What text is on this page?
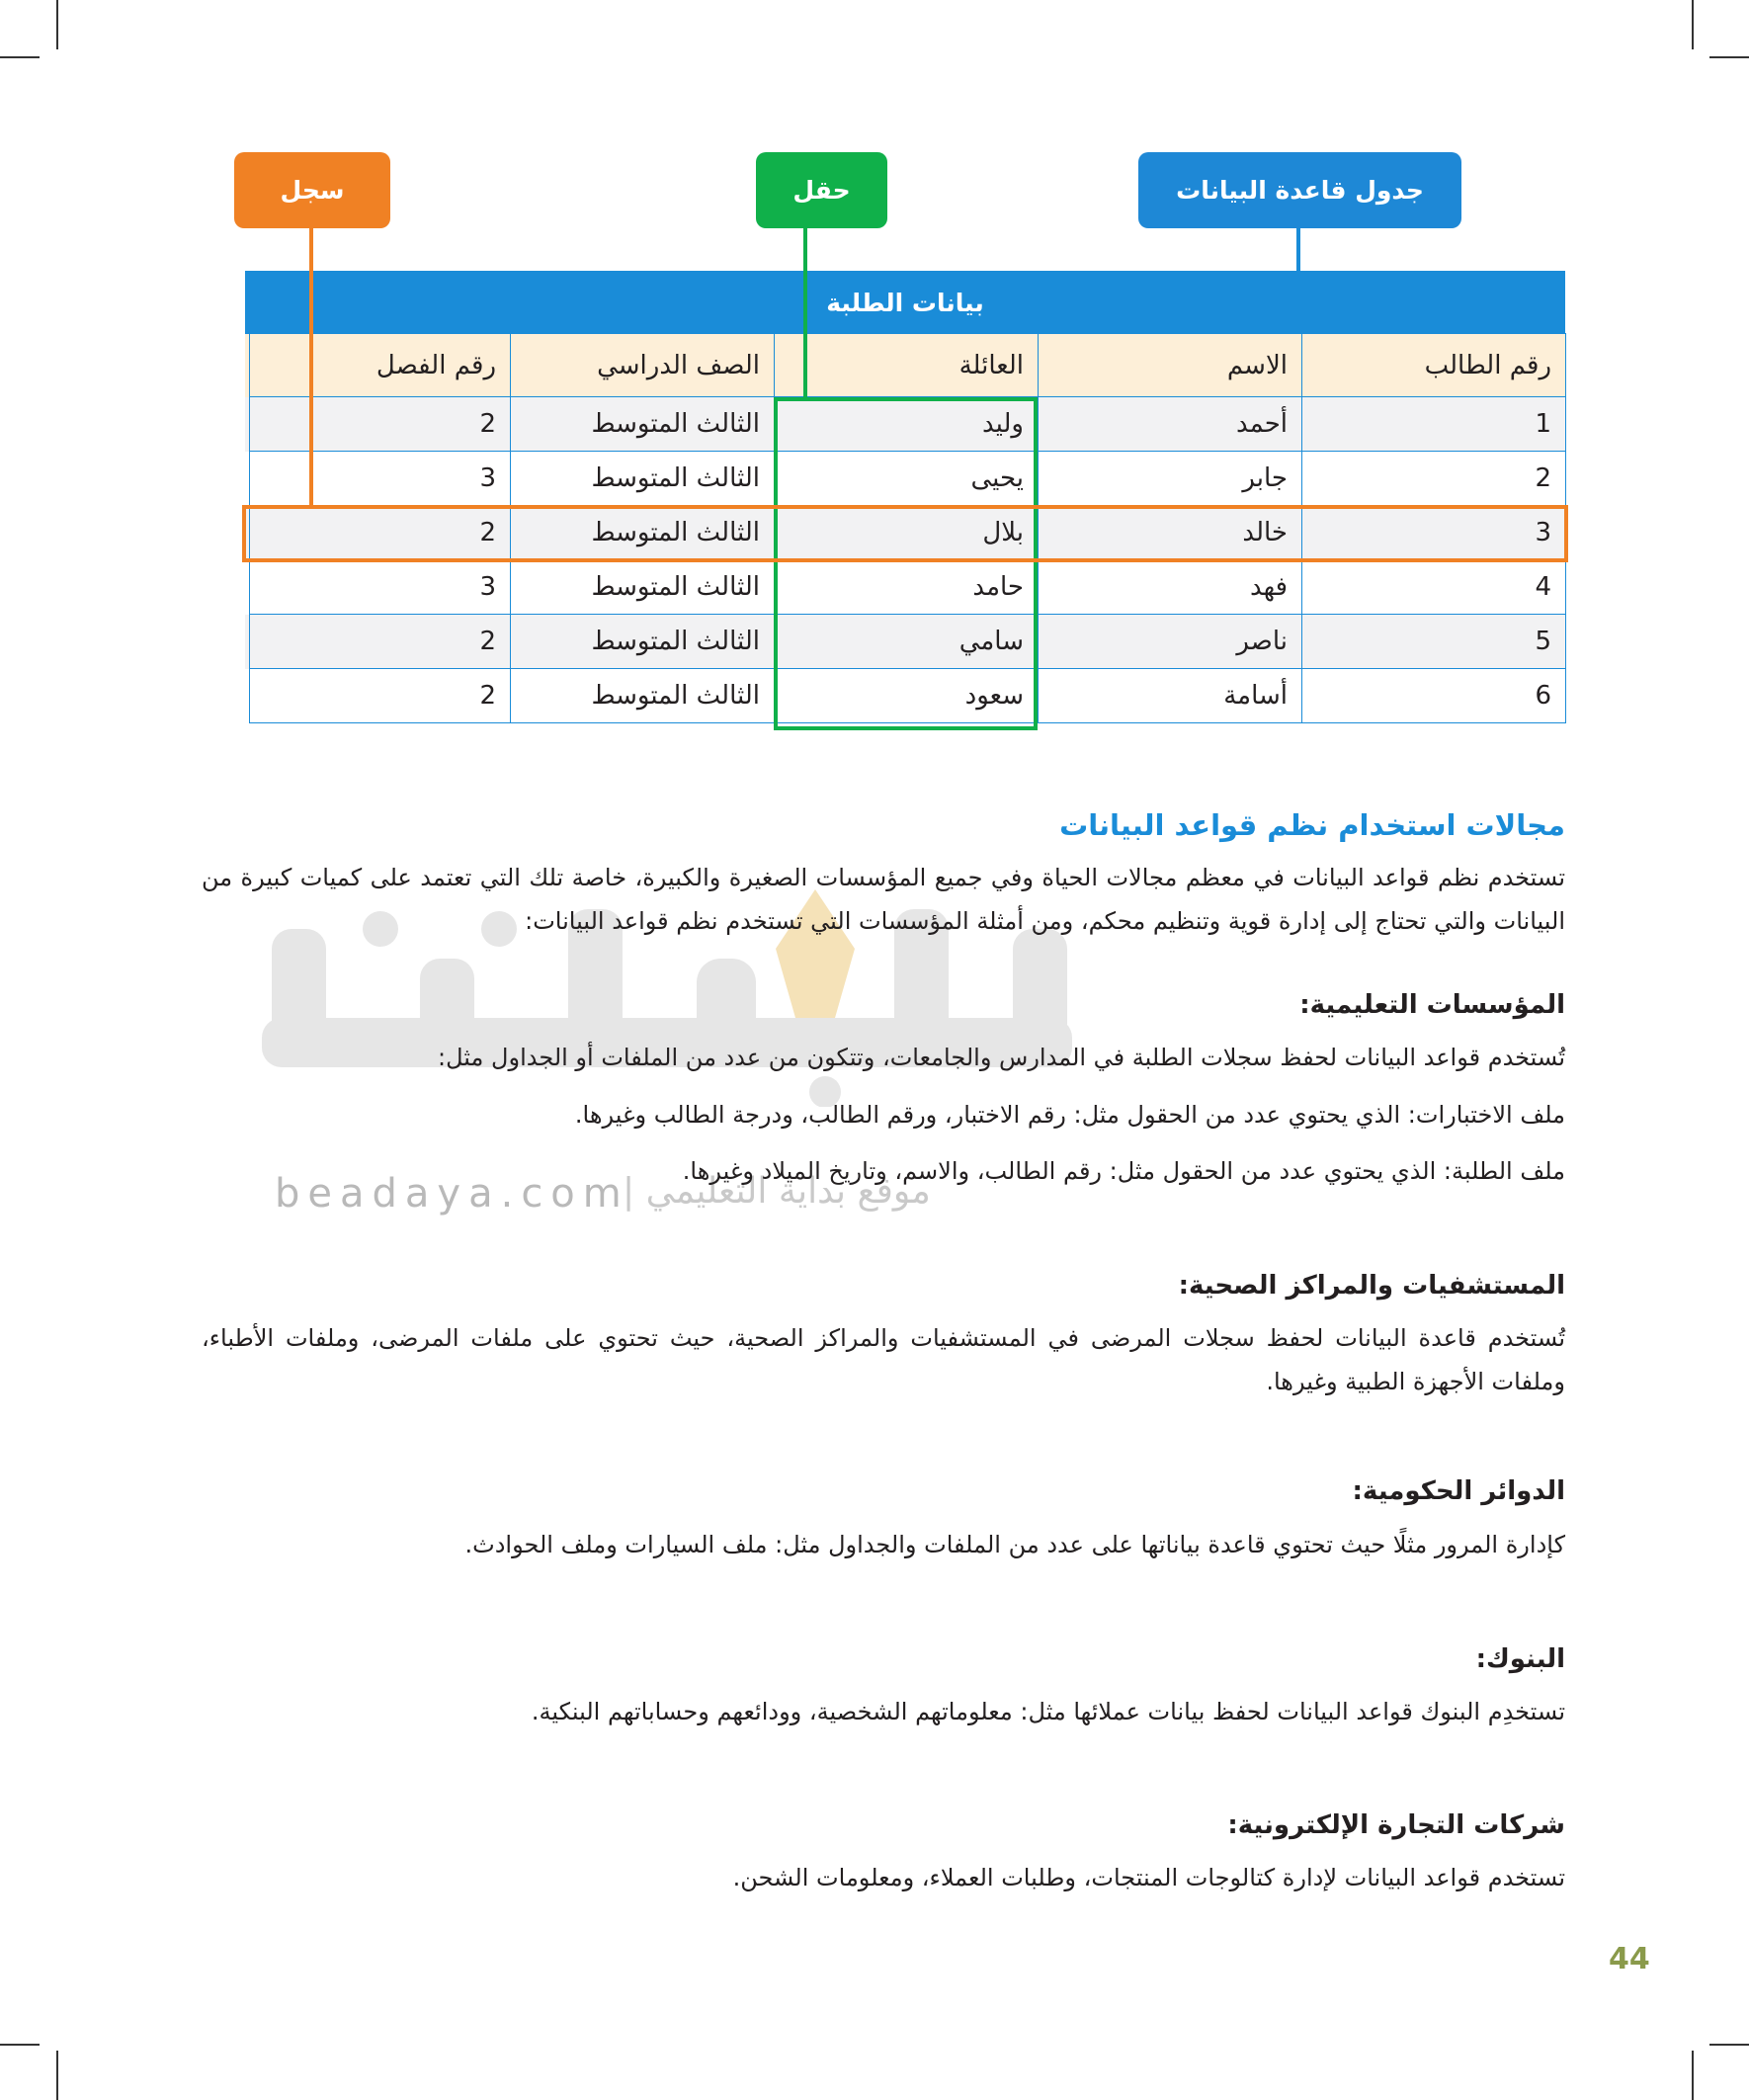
beadaya.com
موقع بداية التعليمي |
جدول قاعدة البيانات
حقل
سجل
بيانات الطلبة
رقم الطالب
الاسم
العائلة
الصف الدراسي
رقم الفصل
1
أحمد
وليد
الثالث المتوسط
2
2
جابر
يحيى
الثالث المتوسط
3
3
خالد
بلال
الثالث المتوسط
2
4
فهد
حامد
الثالث المتوسط
3
5
ناصر
سامي
الثالث المتوسط
2
6
أسامة
سعود
الثالث المتوسط
2
مجالات استخدام نظم قواعد البيانات
تستخدم نظم قواعد البيانات في معظم مجالات الحياة وفي جميع المؤسسات الصغيرة والكبيرة، خاصة تلك التي تعتمد على كميات كبيرة من البيانات والتي تحتاج إلى إدارة قوية وتنظيم محكم، ومن أمثلة المؤسسات التي تستخدم نظم قواعد البيانات:
المؤسسات التعليمية:
تُستخدم قواعد البيانات لحفظ سجلات الطلبة في المدارس والجامعات، وتتكون من عدد من الملفات أو الجداول مثل:
ملف الاختبارات: الذي يحتوي عدد من الحقول مثل: رقم الاختبار، ورقم الطالب، ودرجة الطالب وغيرها.
ملف الطلبة: الذي يحتوي عدد من الحقول مثل: رقم الطالب، والاسم، وتاريخ الميلاد وغيرها.
المستشفيات والمراكز الصحية:
تُستخدم قاعدة البيانات لحفظ سجلات المرضى في المستشفيات والمراكز الصحية، حيث تحتوي على ملفات المرضى، وملفات الأطباء، وملفات الأجهزة الطبية وغيرها.
الدوائر الحكومية:
كإدارة المرور مثلًا حيث تحتوي قاعدة بياناتها على عدد من الملفات والجداول مثل: ملف السيارات وملف الحوادث.
البنوك:
تستخدِم البنوك قواعد البيانات لحفظ بيانات عملائها مثل: معلوماتهم الشخصية، وودائعهم وحساباتهم البنكية.
شركات التجارة الإلكترونية:
تستخدم قواعد البيانات لإدارة كتالوجات المنتجات، وطلبات العملاء، ومعلومات الشحن.
44
